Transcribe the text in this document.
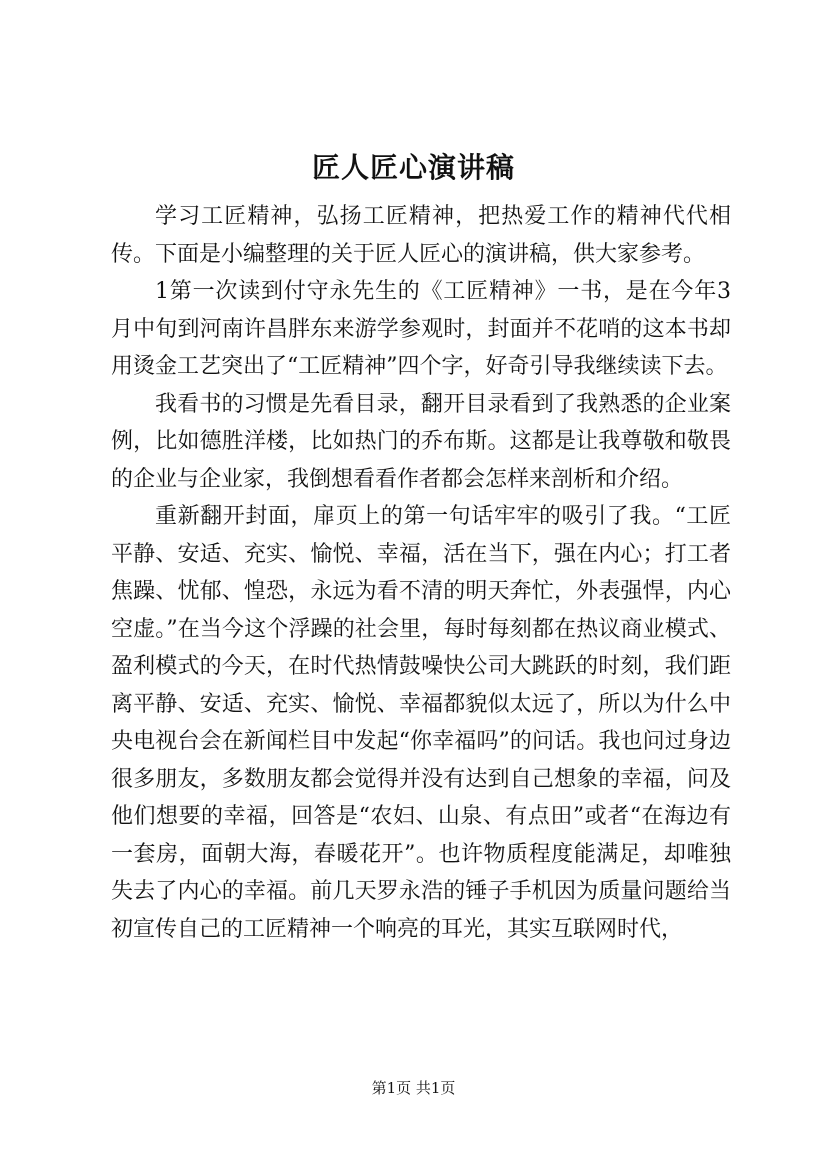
匠人匠心演讲稿

学习工匠精神，弘扬工匠精神，把热爱工作的精神代代相传。下面是小编整理的关于匠人匠心的演讲稿，供大家参考。

1第一次读到付守永先生的《工匠精神》一书，是在今年3月中旬到河南许昌胖东来游学参观时，封面并不花哨的这本书却用烫金工艺突出了“工匠精神”四个字，好奇引导我继续读下去。

我看书的习惯是先看目录，翻开目录看到了我熟悉的企业案例，比如德胜洋楼，比如热门的乔布斯。这都是让我尊敬和敬畏的企业与企业家，我倒想看看作者都会怎样来剖析和介绍。

重新翻开封面，扉页上的第一句话牢牢的吸引了我。“工匠平静、安适、充实、愉悦、幸福，活在当下，强在内心；打工者焦躁、忧郁、惶恐，永远为看不清的明天奔忙，外表强悍，内心空虚。”在当今这个浮躁的社会里，每时每刻都在热议商业模式、盈利模式的今天，在时代热情鼓噪快公司大跳跃的时刻，我们距离平静、安适、充实、愉悦、幸福都貌似太远了，所以为什么中央电视台会在新闻栏目中发起“你幸福吗”的问话。我也问过身边很多朋友，多数朋友都会觉得并没有达到自己想象的幸福，问及他们想要的幸福，回答是“农妇、山泉、有点田”或者“在海边有一套房，面朝大海，春暖花开”。也许物质程度能满足，却唯独失去了内心的幸福。前几天罗永浩的锤子手机因为质量问题给当初宣传自己的工匠精神一个响亮的耳光，其实互联网时代，

第1页 共1页
